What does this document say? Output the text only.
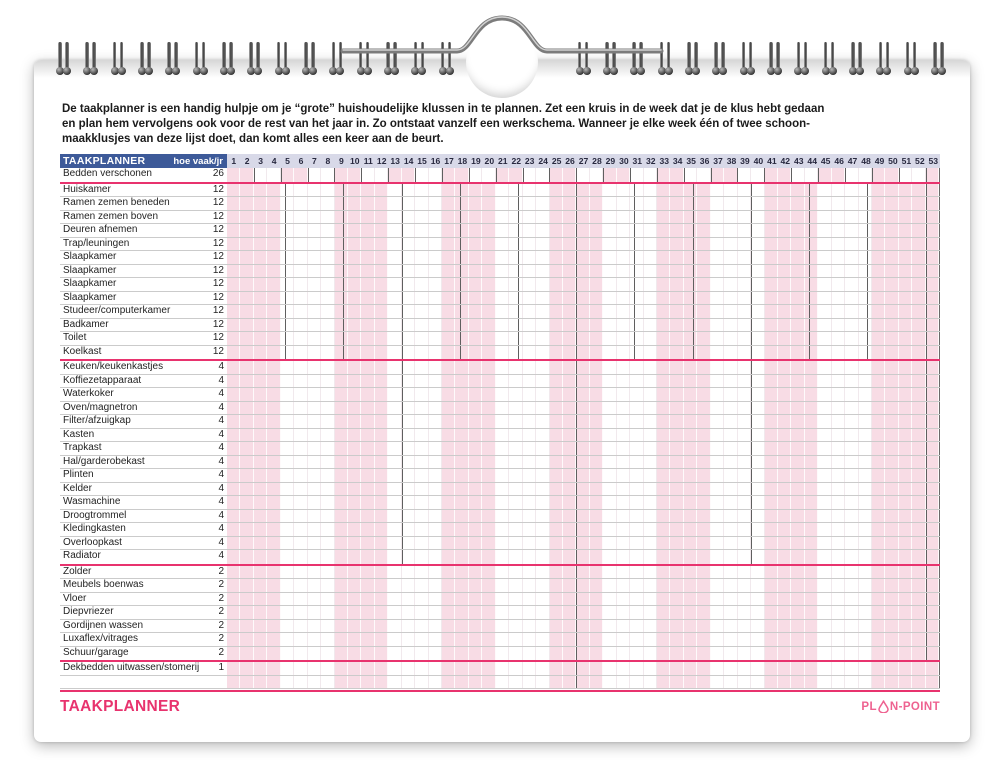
De taakplanner is een handig hulpje om je “grote” huishoudelijke klussen in te plannen. Zet een kruis in de week dat je de klus hebt gedaan
en plan hem vervolgens ook voor de rest van het jaar in. Zo ontstaat vanzelf een werkschema. Wanneer je elke week één of twee schoon-
maakklusjes van deze lijst doet, dan komt alles een keer aan de beurt.
TAAKPLANNER	hoe vaak/jr 1	2	3	4	5	6	7	8	9 10 11 12 13 14 15 16 17 18 19 20 21 22 23 24 25 26 27 28 29 30 31 32 33 34 35 36 37 38 39 40 41 42 43 44 45 46 47 48 49 50 51 52 53
Bedden verschonen	26
Huiskamer	12
Ramen zemen beneden	12
Ramen zemen boven	12
Deuren afnemen	12
Trap/leuningen	12
Slaapkamer	12
Slaapkamer	12
Slaapkamer	12
Slaapkamer	12
Studeer/computerkamer	12
Badkamer	12
Toilet	12
Koelkast	12
Keuken/keukenkastjes	4
Koffiezetapparaat	4
Waterkoker	4
Oven/magnetron	4
Filter/afzuigkap	4
Kasten	4
Trapkast	4
Hal/garderobekast	4
Plinten	4
Kelder	4
Wasmachine	4
Droogtrommel	4
Kledingkasten	4
Overloopkast	4
Radiator	4
Zolder	2
Meubels boenwas	2
Vloer	2
Diepvriezer	2
Gordijnen wassen	2
Luxaflex/vitrages	2
Schuur/garage	2
Dekbedden uitwassen/stomerij	1
TAAKPLANNER	PL N-POINT
